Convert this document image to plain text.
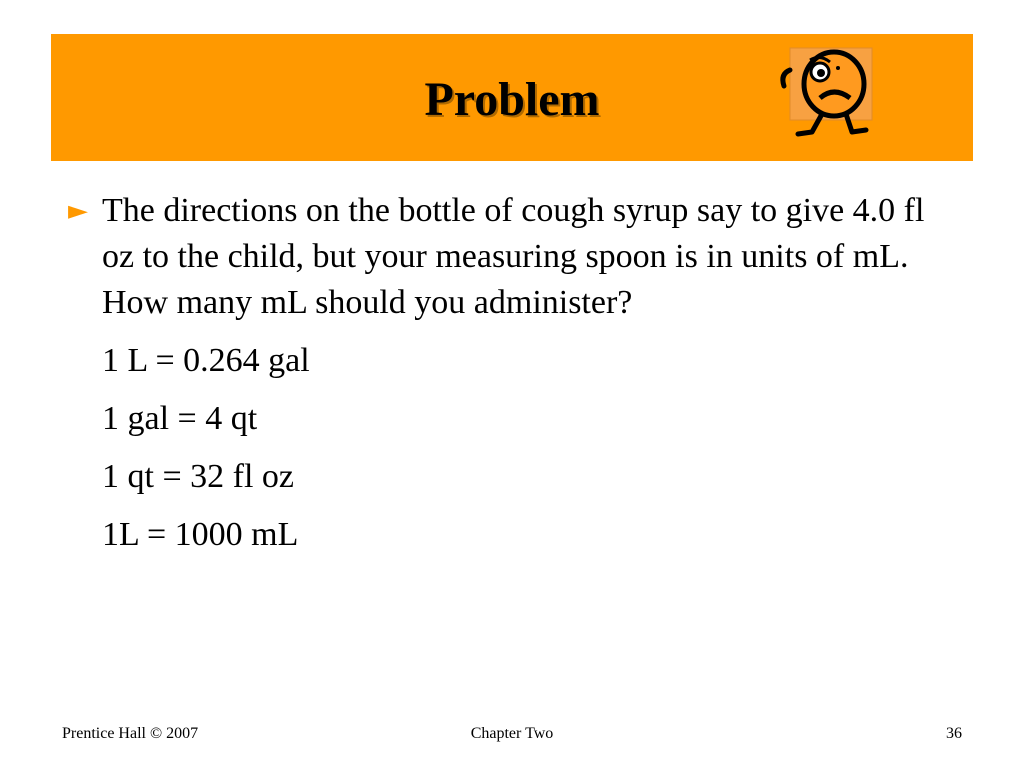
Problem
► The directions on the bottle of cough syrup say to give 4.0 fl oz to the child, but your measuring spoon is in units of mL. How many mL should you administer?
1 L = 0.264 gal
1 gal = 4 qt
1 qt = 32 fl oz
1L = 1000 mL
Prentice Hall © 2007	Chapter Two	36
